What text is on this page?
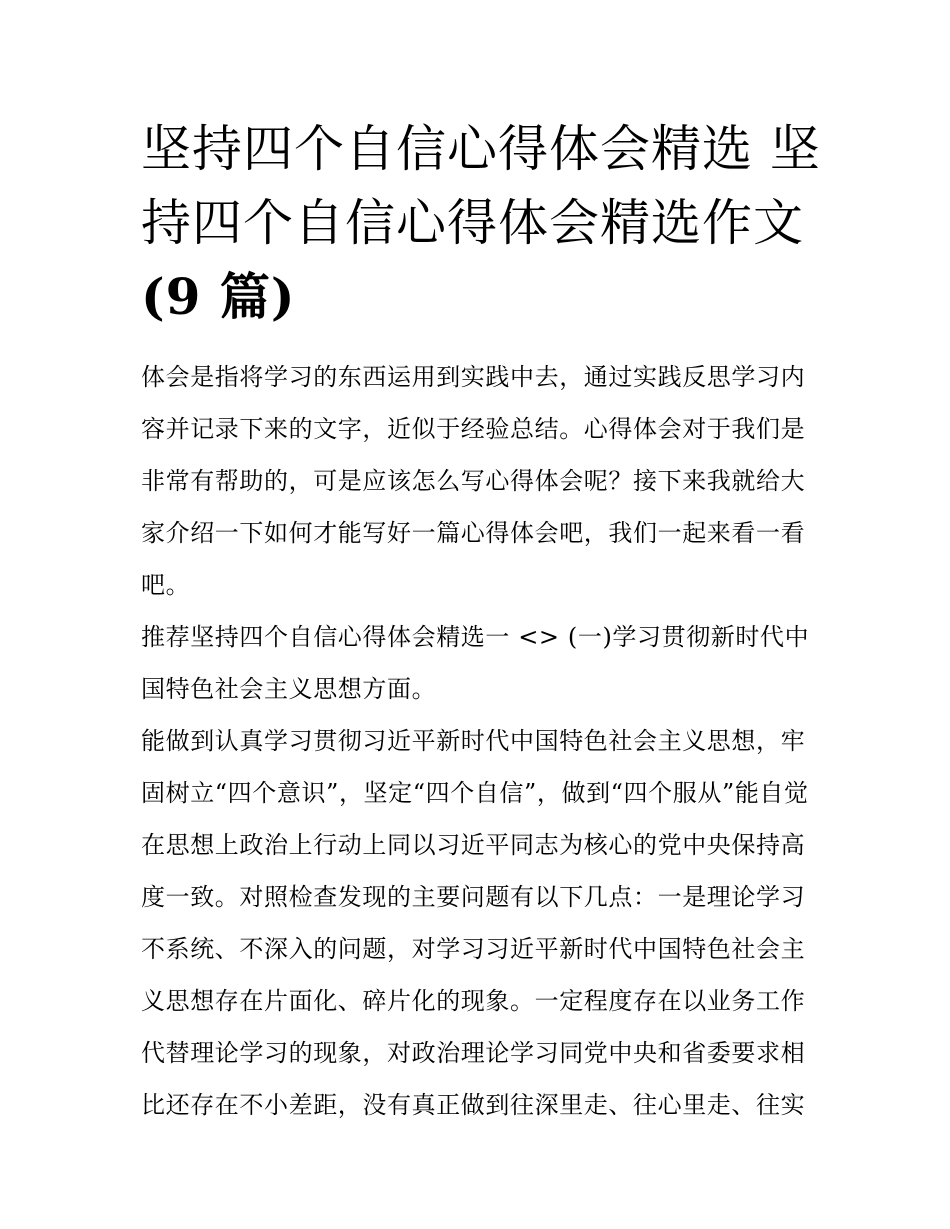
坚持四个自信心得体会精选 坚
持四个自信心得体会精选作文
(9 篇)

体会是指将学习的东西运用到实践中去，通过实践反思学习内容并记录下来的文字，近似于经验总结。心得体会对于我们是非常有帮助的，可是应该怎么写心得体会呢？接下来我就给大家介绍一下如何才能写好一篇心得体会吧，我们一起来看一看吧。

推荐坚持四个自信心得体会精选一 <> (一)学习贯彻新时代中国特色社会主义思想方面。

能做到认真学习贯彻习近平新时代中国特色社会主义思想，牢固树立“四个意识”，坚定“四个自信”，做到“四个服从”能自觉在思想上政治上行动上同以习近平同志为核心的党中央保持高度一致。对照检查发现的主要问题有以下几点：一是理论学习不系统、不深入的问题，对学习习近平新时代中国特色社会主义思想存在片面化、碎片化的现象。一定程度存在以业务工作代替理论学习的现象，对政治理论学习同党中央和省委要求相比还存在不小差距，没有真正做到往深里走、往心里走、往实
